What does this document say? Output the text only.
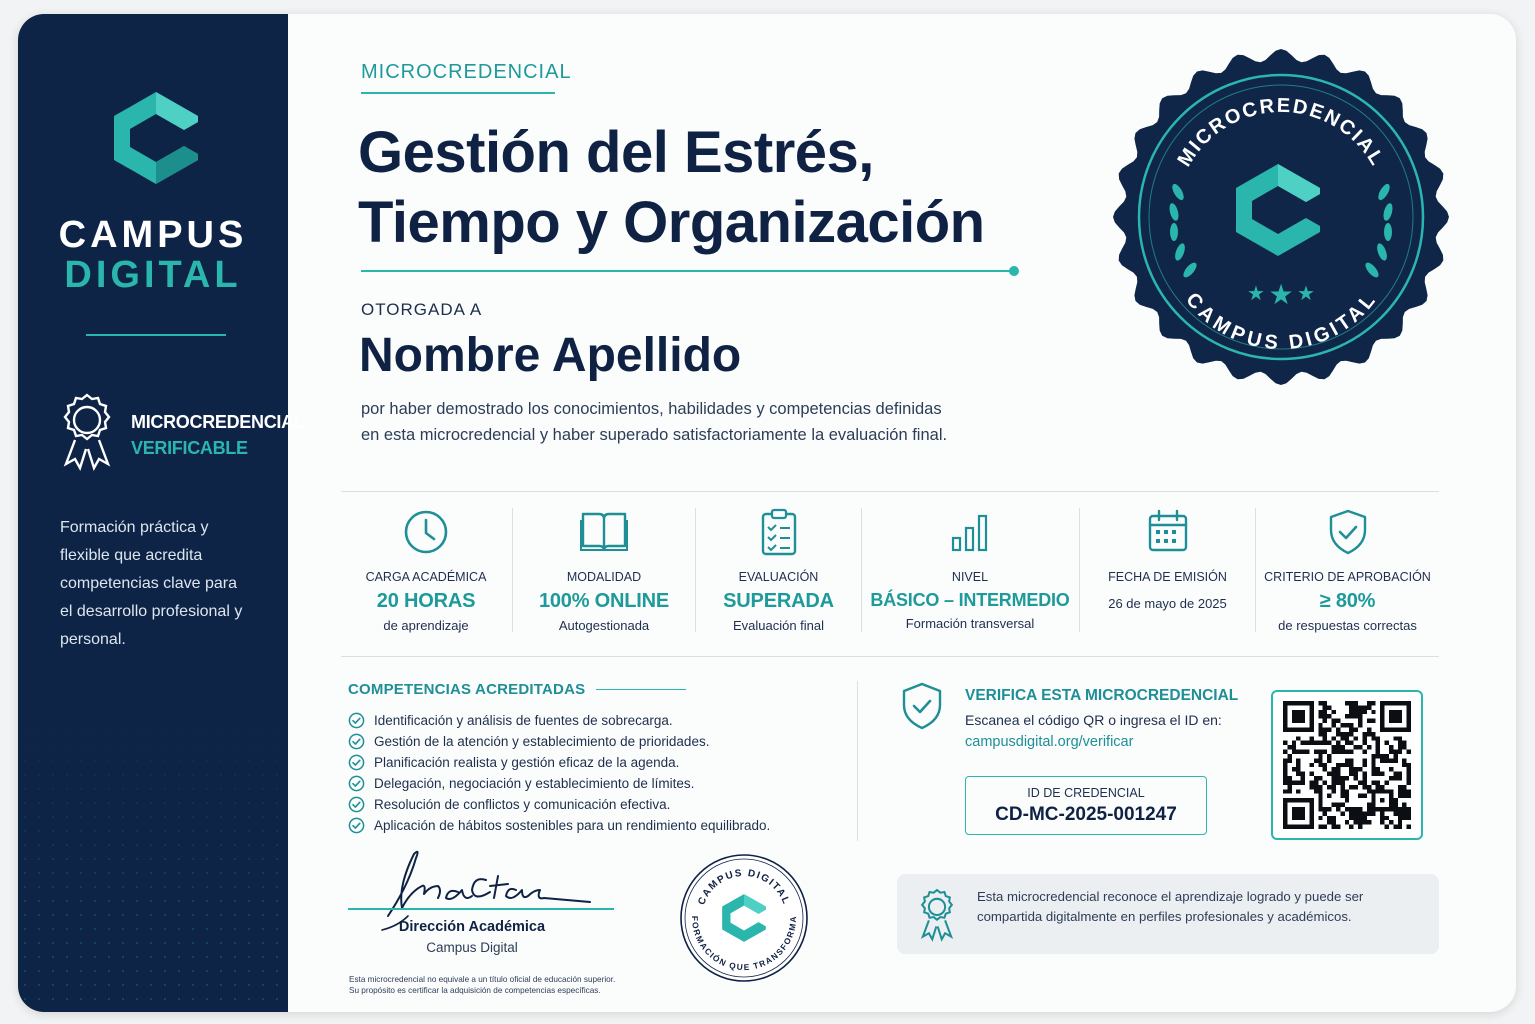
CAMPUS
DIGITAL
MICROCREDENCIAL
VERIFICABLE
Formación práctica y flexible que acredita competencias clave para el desarrollo profesional y personal.
MICROCREDENCIAL
Gestión del Estrés, Tiempo y Organización
OTORGADA A
Nombre Apellido
por haber demostrado los conocimientos, habilidades y competencias definidas en esta microcredencial y haber superado satisfactoriamente la evaluación final.
MICROCREDENCIAL
CAMPUS DIGITAL
★ ★ ★
CARGA ACADÉMICA
20 HORAS
de aprendizaje
MODALIDAD
100% ONLINE
Autogestionada
EVALUACIÓN
SUPERADA
Evaluación final
NIVEL
BÁSICO – INTERMEDIO
Formación transversal
FECHA DE EMISIÓN
26 de mayo de 2025
CRITERIO DE APROBACIÓN
≥ 80%
de respuestas correctas
COMPETENCIAS ACREDITADAS
Identificación y análisis de fuentes de sobrecarga.
Gestión de la atención y establecimiento de prioridades.
Planificación realista y gestión eficaz de la agenda.
Delegación, negociación y establecimiento de límites.
Resolución de conflictos y comunicación efectiva.
Aplicación de hábitos sostenibles para un rendimiento equilibrado.
VERIFICA ESTA MICROCREDENCIAL
Escanea el código QR o ingresa el ID en:
campusdigital.org/verificar
ID DE CREDENCIAL
CD-MC-2025-001247
Esta microcredencial reconoce el aprendizaje logrado y puede ser compartida digitalmente en perfiles profesionales y académicos.
Dirección Académica
Campus Digital
Esta microcredencial no equivale a un título oficial de educación superior.
Su propósito es certificar la adquisición de competencias específicas.
CAMPUS DIGITAL
FORMACIÓN QUE TRANSFORMA
